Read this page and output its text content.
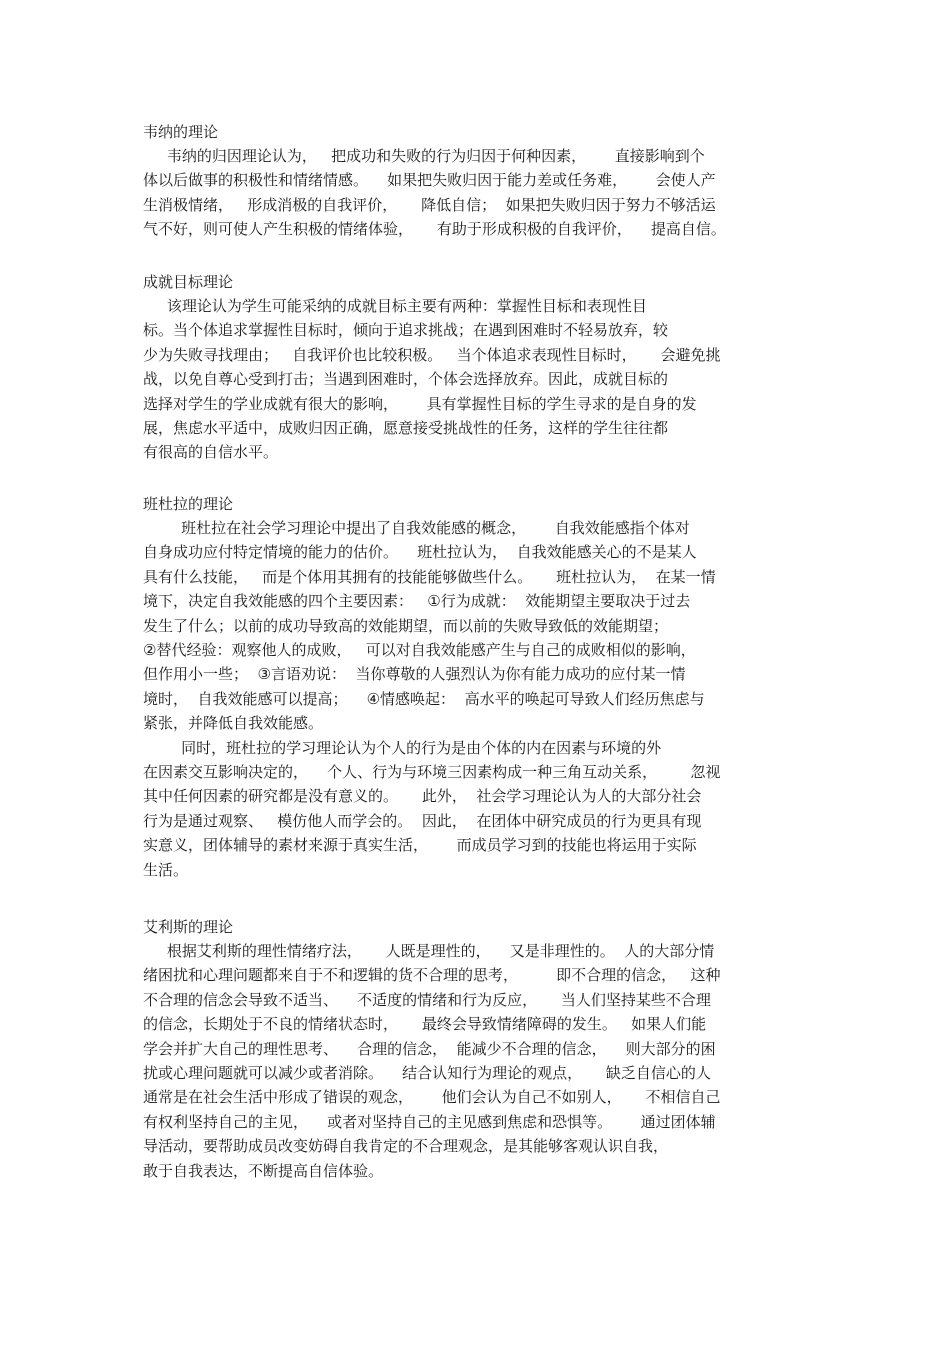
韦纳的理论

韦纳的归因理论认为，   把成功和失败的行为归因于何种因素，      直接影响到个

体以后做事的积极性和情绪情感。    如果把失败归因于能力差或任务难，      会使人产

生消极情绪，   形成消极的自我评价，     降低自信；  如果把失败归因于努力不够活运

气不好，则可使人产生积极的情绪体验，     有助于形成积极的自我评价，    提高自信。

成就目标理论

该理论认为学生可能采纳的成就目标主要有两种：掌握性目标和表现性目

标。当个体追求掌握性目标时，倾向于追求挑战；在遇到困难时不轻易放弃，较

少为失败寻找理由；   自我评价也比较积极。   当个体追求表现性目标时，     会避免挑

战，以免自尊心受到打击；当遇到困难时，个体会选择放弃。因此，成就目标的

选择对学生的学业成就有很大的影响，      具有掌握性目标的学生寻求的是自身的发

展，焦虑水平适中，成败归因正确，愿意接受挑战性的任务，这样的学生往往都

有很高的自信水平。

班杜拉的理论

班杜拉在社会学习理论中提出了自我效能感的概念，      自我效能感指个体对

自身成功应付特定情境的能力的估价。    班杜拉认为，  自我效能感关心的不是某人

具有什么技能，   而是个体用其拥有的技能能够做些什么。     班杜拉认为，  在某一情

境下，决定自我效能感的四个主要因素：   ①行为成就：  效能期望主要取决于过去

发生了什么；以前的成功导致高的效能期望，而以前的失败导致低的效能期望；

②替代经验：观察他人的成败，   可以对自我效能感产生与自己的成败相似的影响，

但作用小一些；  ③言语劝说：  当你尊敬的人强烈认为你有能力成功的应付某一情

境时，  自我效能感可以提高；    ④情感唤起：  高水平的唤起可导致人们经历焦虑与

紧张，并降低自我效能感。

同时，班杜拉的学习理论认为个人的行为是由个体的内在因素与环境的外

在因素交互影响决定的，    个人、行为与环境三因素构成一种三角互动关系，       忽视

其中任何因素的研究都是没有意义的。     此外，  社会学习理论认为人的大部分社会

行为是通过观察、   模仿他人而学会的。  因此，  在团体中研究成员的行为更具有现

实意义，团体辅导的素材来源于真实生活，      而成员学习到的技能也将运用于实际

生活。

艾利斯的理论

根据艾利斯的理性情绪疗法，     人既是理性的，    又是非理性的。  人的大部分情

绪困扰和心理问题都来自于不和逻辑的货不合理的思考，        即不合理的信念，   这种

不合理的信念会导致不适当、    不适度的情绪和行为反应，     当人们坚持某些不合理

的信念，长期处于不良的情绪状态时，     最终会导致情绪障碍的发生。   如果人们能

学会并扩大自己的理性思考、    合理的信念，  能减少不合理的信念，    则大部分的困

扰或心理问题就可以减少或者消除。    结合认知行为理论的观点，     缺乏自信心的人

通常是在社会生活中形成了错误的观念，      他们会认为自己不如别人，     不相信自己

有权利坚持自己的主见，    或者对坚持自己的主见感到焦虑和恐惧等。      通过团体辅

导活动，要帮助成员改变妨碍自我肯定的不合理观念，是其能够客观认识自我，

敢于自我表达，不断提高自信体验。
